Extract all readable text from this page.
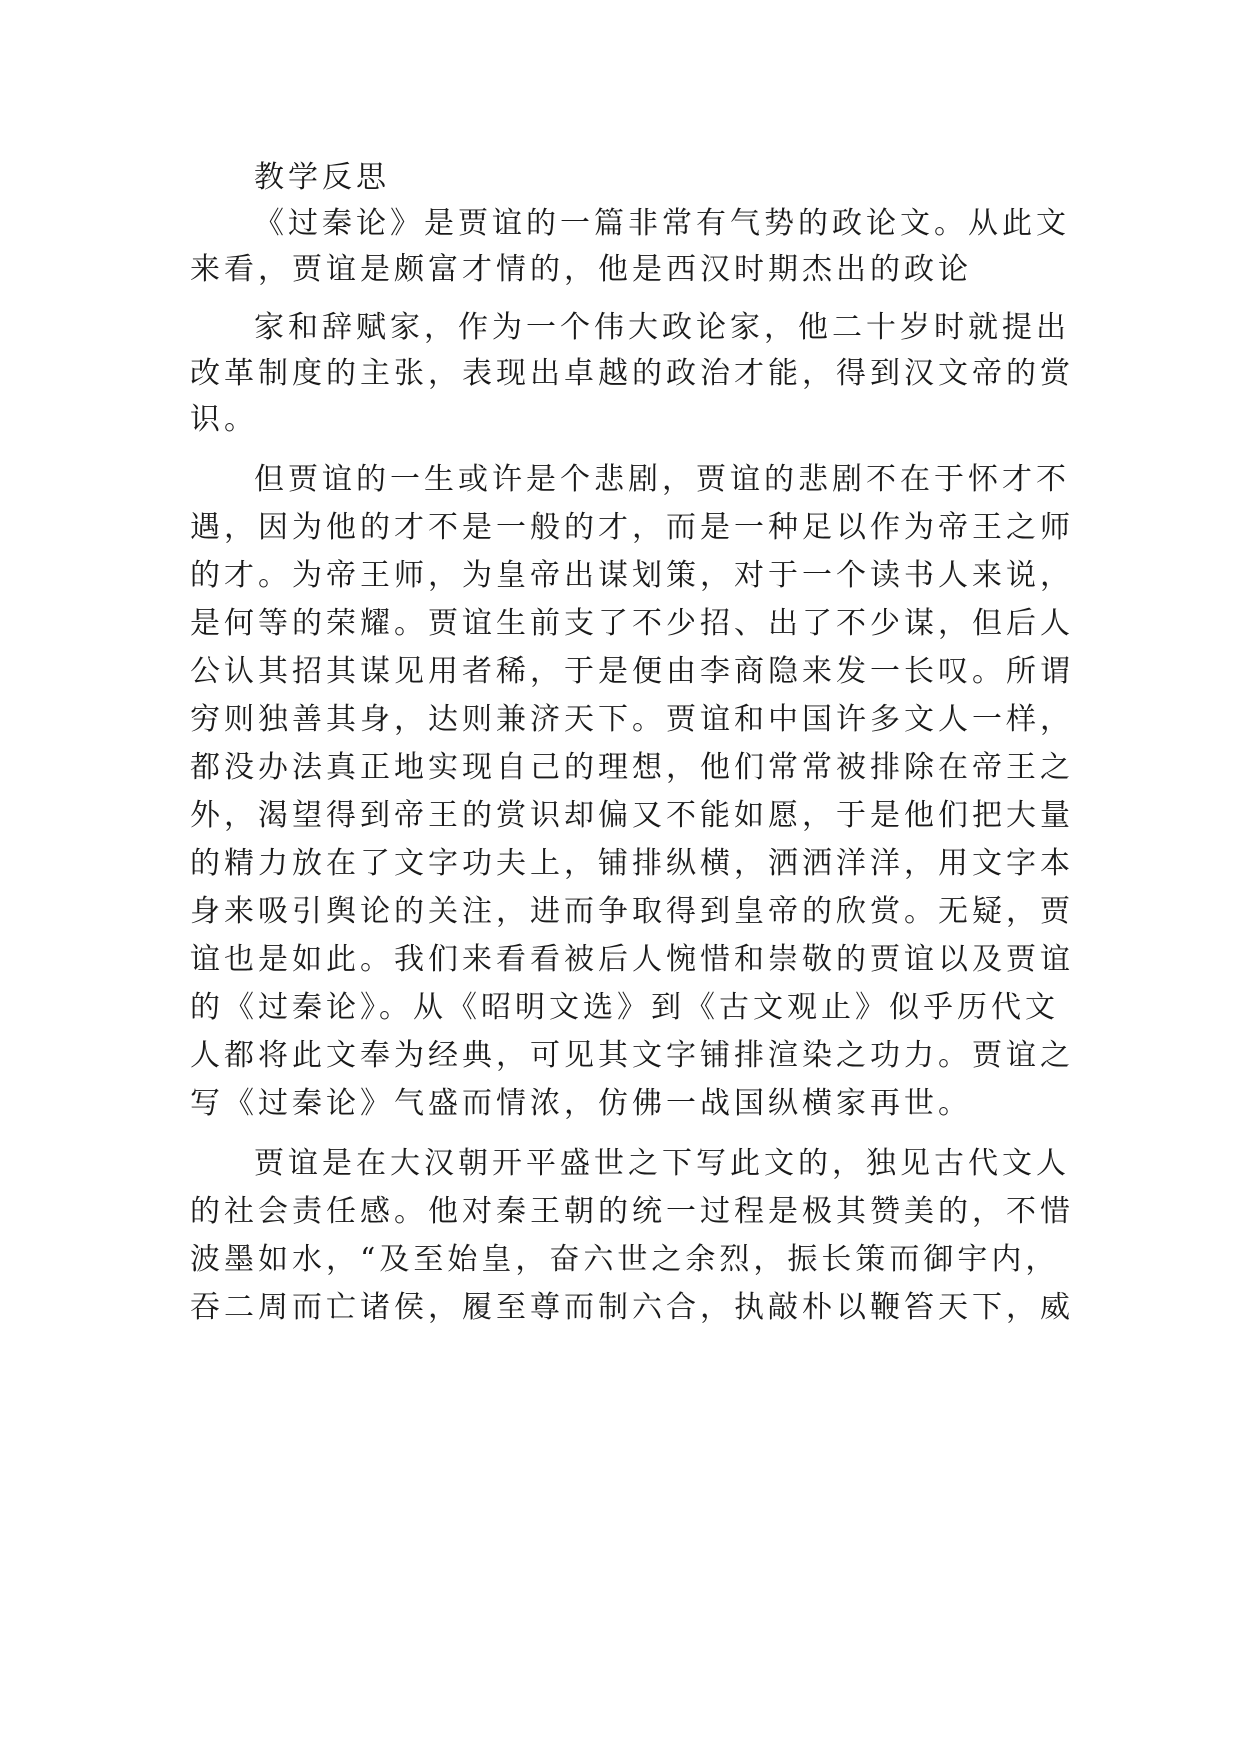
教学反思
《过秦论》是贾谊的一篇非常有气势的政论文。从此文
来看，贾谊是颇富才情的，他是西汉时期杰出的政论
家和辞赋家，作为一个伟大政论家，他二十岁时就提出
改革制度的主张，表现出卓越的政治才能，得到汉文帝的赏
识。
但贾谊的一生或许是个悲剧，贾谊的悲剧不在于怀才不
遇，因为他的才不是一般的才，而是一种足以作为帝王之师
的才。为帝王师，为皇帝出谋划策，对于一个读书人来说，
是何等的荣耀。贾谊生前支了不少招、出了不少谋，但后人
公认其招其谋见用者稀，于是便由李商隐来发一长叹。所谓
穷则独善其身，达则兼济天下。贾谊和中国许多文人一样，
都没办法真正地实现自己的理想，他们常常被排除在帝王之
外，渴望得到帝王的赏识却偏又不能如愿，于是他们把大量
的精力放在了文字功夫上，铺排纵横，洒洒洋洋，用文字本
身来吸引舆论的关注，进而争取得到皇帝的欣赏。无疑，贾
谊也是如此。我们来看看被后人惋惜和崇敬的贾谊以及贾谊
的《过秦论》。从《昭明文选》到《古文观止》似乎历代文
人都将此文奉为经典，可见其文字铺排渲染之功力。贾谊之
写《过秦论》气盛而情浓，仿佛一战国纵横家再世。
贾谊是在大汉朝开平盛世之下写此文的，独见古代文人
的社会责任感。他对秦王朝的统一过程是极其赞美的，不惜
波墨如水，“及至始皇，奋六世之余烈，振长策而御宇内，
吞二周而亡诸侯，履至尊而制六合，执敲朴以鞭笞天下，威
